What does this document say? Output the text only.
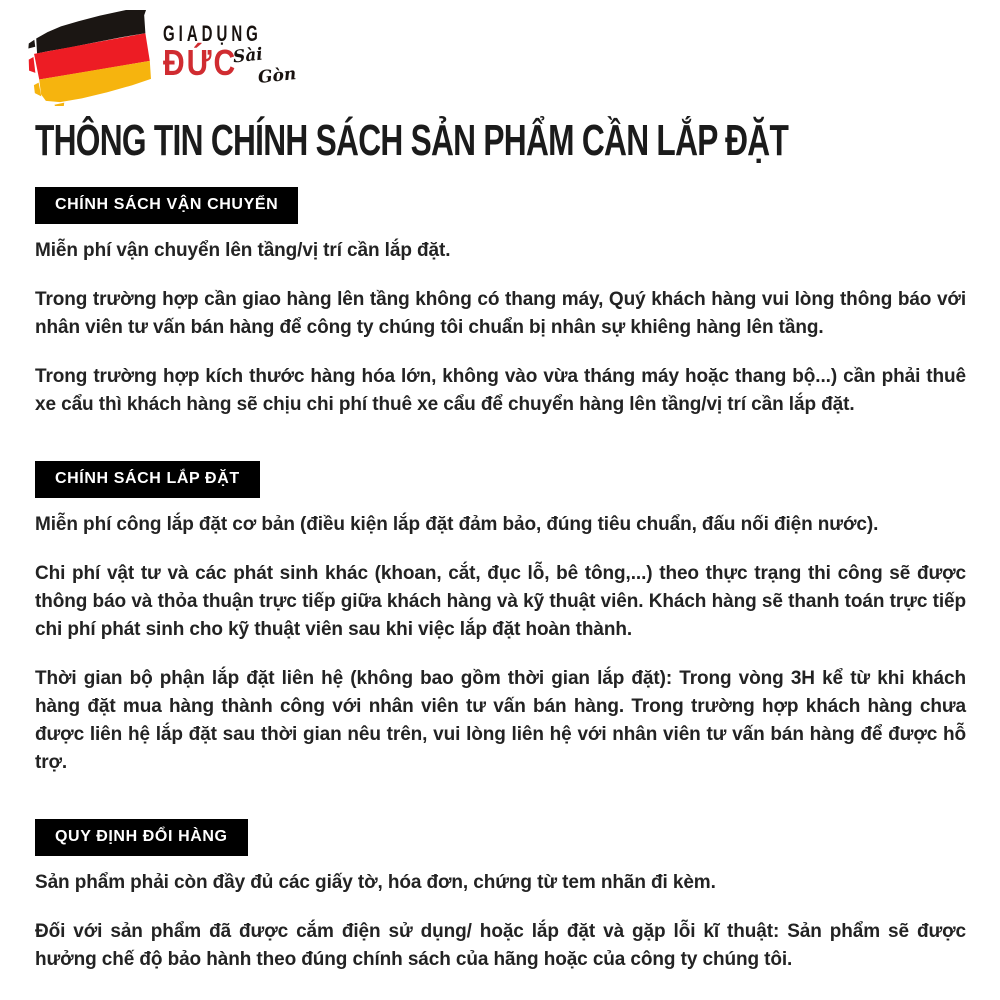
GIADỤNG
ĐỨC
Sài
Gòn
THÔNG TIN CHÍNH SÁCH SẢN PHẨM CẦN LẮP ĐẶT
CHÍNH SÁCH VẬN CHUYỂN

Miễn phí vận chuyển lên tầng/vị trí cần lắp đặt.

Trong trường hợp cần giao hàng lên tầng không có thang máy, Quý khách hàng vui lòng thông báo với nhân viên tư vấn bán hàng để công ty chúng tôi chuẩn bị nhân sự khiêng hàng lên tầng.

Trong trường hợp kích thước hàng hóa lớn, không vào vừa tháng máy hoặc thang bộ...) cần phải thuê xe cẩu thì khách hàng sẽ chịu chi phí thuê xe cẩu để chuyển hàng lên tầng/vị trí cần lắp đặt.

CHÍNH SÁCH LẮP ĐẶT

Miễn phí công lắp đặt cơ bản (điều kiện lắp đặt đảm bảo, đúng tiêu chuẩn, đấu nối điện nước).

Chi phí vật tư và các phát sinh khác (khoan, cắt, đục lỗ, bê tông,...) theo thực trạng thi công sẽ được thông báo và thỏa thuận trực tiếp giữa khách hàng và kỹ thuật viên. Khách hàng sẽ thanh toán trực tiếp chi phí phát sinh cho kỹ thuật viên sau khi việc lắp đặt hoàn thành.

Thời gian bộ phận lắp đặt liên hệ (không bao gồm thời gian lắp đặt): Trong vòng 3H kể từ khi khách hàng đặt mua hàng thành công với nhân viên tư vấn bán hàng. Trong trường hợp khách hàng chưa được liên hệ lắp đặt sau thời gian nêu trên, vui lòng liên hệ với nhân viên tư vấn bán hàng để được hỗ trợ.

QUY ĐỊNH ĐỔI HÀNG

Sản phẩm phải còn đầy đủ các giấy tờ, hóa đơn, chứng từ tem nhãn đi kèm.

Đối với sản phẩm đã được cắm điện sử dụng/ hoặc lắp đặt và gặp lỗi kĩ thuật: Sản phẩm sẽ được hưởng chế độ bảo hành theo đúng chính sách của hãng hoặc của công ty chúng tôi.
